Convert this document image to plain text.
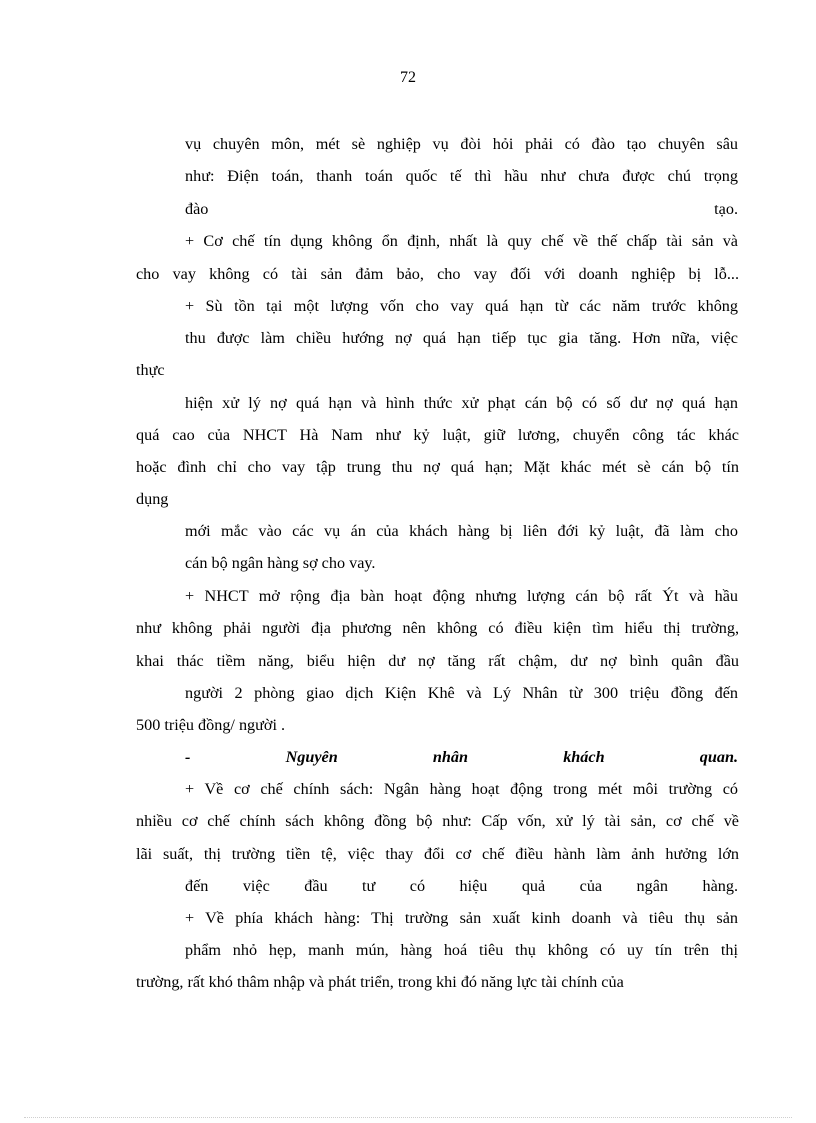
72
vụ chuyên môn, mét sè nghiệp vụ đòi hỏi phải có đào tạo chuyên sâu
như: Điện toán, thanh toán quốc tế thì hầu như chưa được chú trọng
đào tạo.
+ Cơ chế tín dụng không ổn định, nhất là quy chế về thế chấp tài sản và
cho vay không có tài sản đảm bảo, cho vay đối với doanh nghiệp bị lỗ...
+ Sù tồn tại một lượng vốn cho vay quá hạn từ các năm trước không
thu được làm chiều hướng nợ quá hạn tiếp tục gia tăng. Hơn nữa, việc
thực
hiện xử lý nợ quá hạn và hình thức xử phạt cán bộ có số dư nợ quá hạn
quá cao của NHCT Hà Nam như kỷ luật, giữ lương, chuyển công tác khác
hoặc đình chỉ cho vay tập trung thu nợ quá hạn; Mặt khác mét sè cán bộ tín
dụng
mới mắc vào các vụ án của khách hàng bị liên đới kỷ luật, đã làm cho
cán bộ ngân hàng sợ cho vay.
+ NHCT mở rộng địa bàn hoạt động nhưng lượng cán bộ rất Ýt và hầu
như không phải người địa phương nên không có điều kiện tìm hiểu thị trường,
khai thác tiềm năng, biểu hiện dư nợ tăng rất chậm, dư nợ bình quân đầu
người 2 phòng giao dịch Kiện Khê và Lý Nhân từ 300 triệu đồng đến
500 triệu đồng/ người .
- Nguyên nhân khách quan.
+ Về cơ chế chính sách: Ngân hàng hoạt động trong mét môi trường có
nhiều cơ chế chính sách không đồng bộ như: Cấp vốn, xử lý tài sản, cơ chế về
lãi suất, thị trường tiền tệ, việc thay đổi cơ chế điều hành làm ảnh hưởng lớn
đến việc đầu tư có hiệu quả của ngân hàng.
+ Về phía khách hàng: Thị trường sản xuất kinh doanh và tiêu thụ sản
phẩm nhỏ hẹp, manh mún, hàng hoá tiêu thụ không có uy tín trên thị
trường, rất khó thâm nhập và phát triển, trong khi đó năng lực tài chính của
